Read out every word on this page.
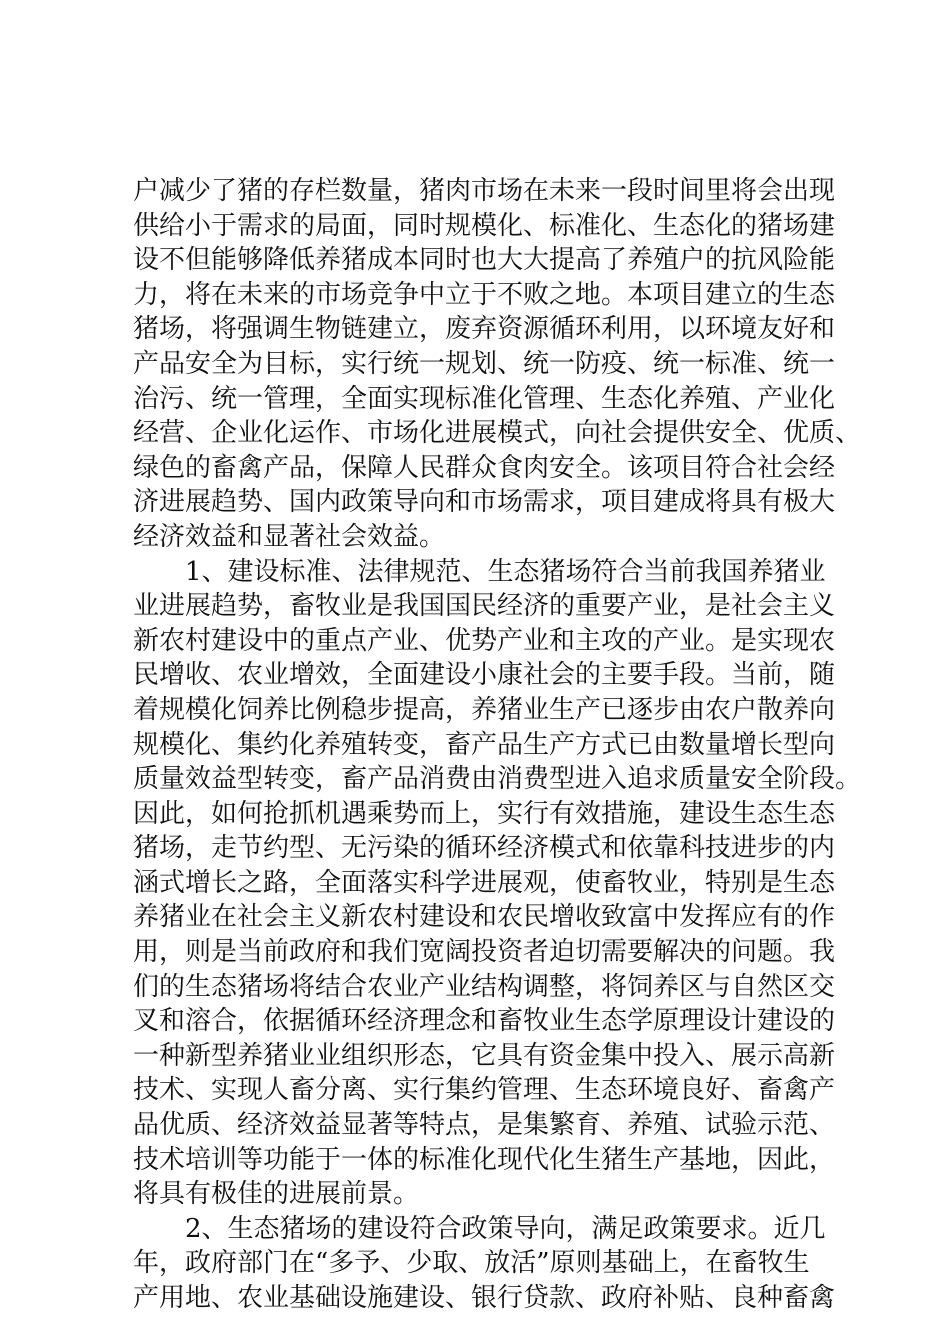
户减少了猪的存栏数量，猪肉市场在未来一段时间里将会出现
供给小于需求的局面，同时规模化、标准化、生态化的猪场建
设不但能够降低养猪成本同时也大大提高了养殖户的抗风险能
力，将在未来的市场竞争中立于不败之地。本项目建立的生态
猪场，将强调生物链建立，废弃资源循环利用，以环境友好和
产品安全为目标，实行统一规划、统一防疫、统一标准、统一
治污、统一管理，全面实现标准化管理、生态化养殖、产业化
经营、企业化运作、市场化进展模式，向社会提供安全、优质、
绿色的畜禽产品，保障人民群众食肉安全。该项目符合社会经
济进展趋势、国内政策导向和市场需求，项目建成将具有极大
经济效益和显著社会效益。
1、建设标准、法律规范、生态猪场符合当前我国养猪业
业进展趋势，畜牧业是我国国民经济的重要产业，是社会主义
新农村建设中的重点产业、优势产业和主攻的产业。是实现农
民增收、农业增效，全面建设小康社会的主要手段。当前，随
着规模化饲养比例稳步提高，养猪业生产已逐步由农户散养向
规模化、集约化养殖转变，畜产品生产方式已由数量增长型向
质量效益型转变，畜产品消费由消费型进入追求质量安全阶段。
因此，如何抢抓机遇乘势而上，实行有效措施，建设生态生态
猪场，走节约型、无污染的循环经济模式和依靠科技进步的内
涵式增长之路，全面落实科学进展观，使畜牧业，特别是生态
养猪业在社会主义新农村建设和农民增收致富中发挥应有的作
用，则是当前政府和我们宽阔投资者迫切需要解决的问题。我
们的生态猪场将结合农业产业结构调整，将饲养区与自然区交
叉和溶合，依据循环经济理念和畜牧业生态学原理设计建设的
一种新型养猪业业组织形态，它具有资金集中投入、展示高新
技术、实现人畜分离、实行集约管理、生态环境良好、畜禽产
品优质、经济效益显著等特点，是集繁育、养殖、试验示范、
技术培训等功能于一体的标准化现代化生猪生产基地，因此，
将具有极佳的进展前景。
2、生态猪场的建设符合政策导向，满足政策要求。近几
年，政府部门在“多予、少取、放活”原则基础上，在畜牧生
产用地、农业基础设施建设、银行贷款、政府补贴、良种畜禽
